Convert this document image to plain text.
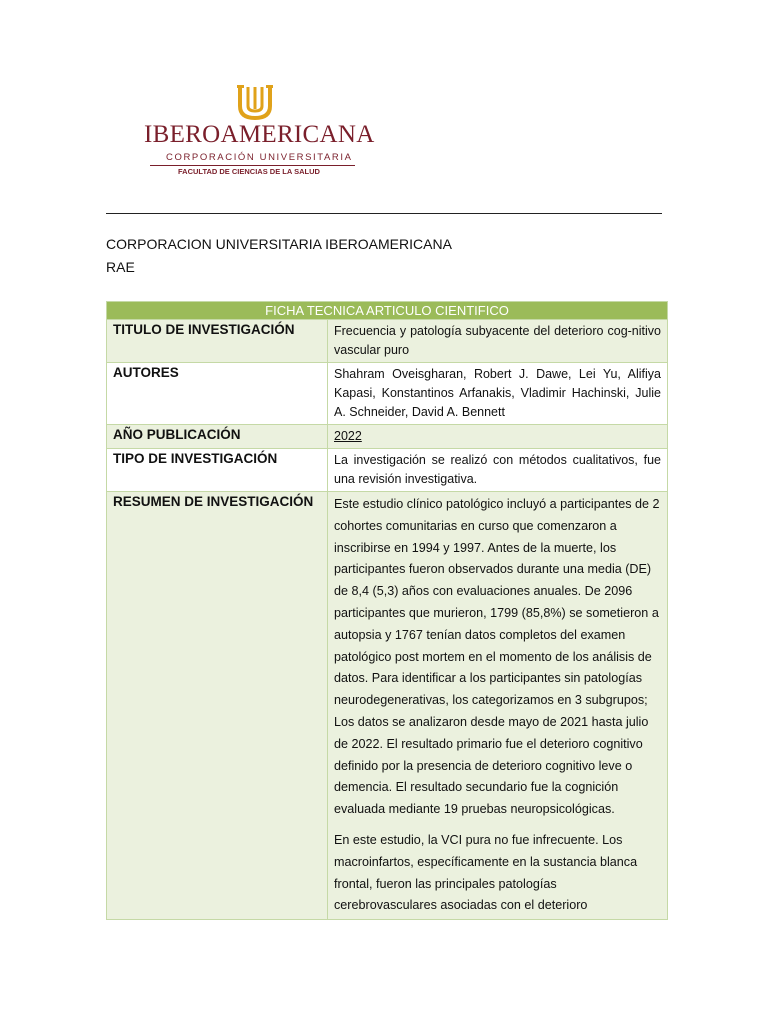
IBEROAMERICANA
CORPORACIÓN UNIVERSITARIA
FACULTAD DE CIENCIAS DE LA SALUD
CORPORACION UNIVERSITARIA IBEROAMERICANA
RAE
FICHA TECNICA ARTICULO CIENTIFICO	
TITULO DE INVESTIGACIÓN	Frecuencia y patología subyacente del deterioro cog-nitivo vascular puro
AUTORES	Shahram Oveisgharan, Robert J. Dawe, Lei Yu, Alifiya Kapasi, Konstantinos Arfanakis, Vladimir Hachinski, Julie A. Schneider, David A. Bennett
AÑO PUBLICACIÓN	2022
TIPO DE INVESTIGACIÓN	La investigación se realizó con métodos cualitativos, fue una revisión investigativa.
RESUMEN DE INVESTIGACIÓN	Este estudio clínico patológico incluyó a participantes de 2 cohortes comunitarias en curso que comenzaron a inscribirse en 1994 y 1997. Antes de la muerte, los participantes fueron observados durante una media (DE) de 8,4 (5,3) años con evaluaciones anuales. De 2096 participantes que murieron, 1799 (85,8%) se sometieron a autopsia y 1767 tenían datos completos del examen patológico post mortem en el momento de los análisis de datos. Para identificar a los participantes sin patologías neurodegenerativas, los categorizamos en 3 subgrupos; Los datos se analizaron desde mayo de 2021 hasta julio de 2022. El resultado primario fue el deterioro cognitivo definido por la presencia de deterioro cognitivo leve o demencia. El resultado secundario fue la cognición evaluada mediante 19 pruebas neuropsicológicas.

En este estudio, la VCI pura no fue infrecuente. Los macroinfartos, específicamente en la sustancia blanca frontal, fueron las principales patologías cerebrovasculares asociadas con el deterioro
